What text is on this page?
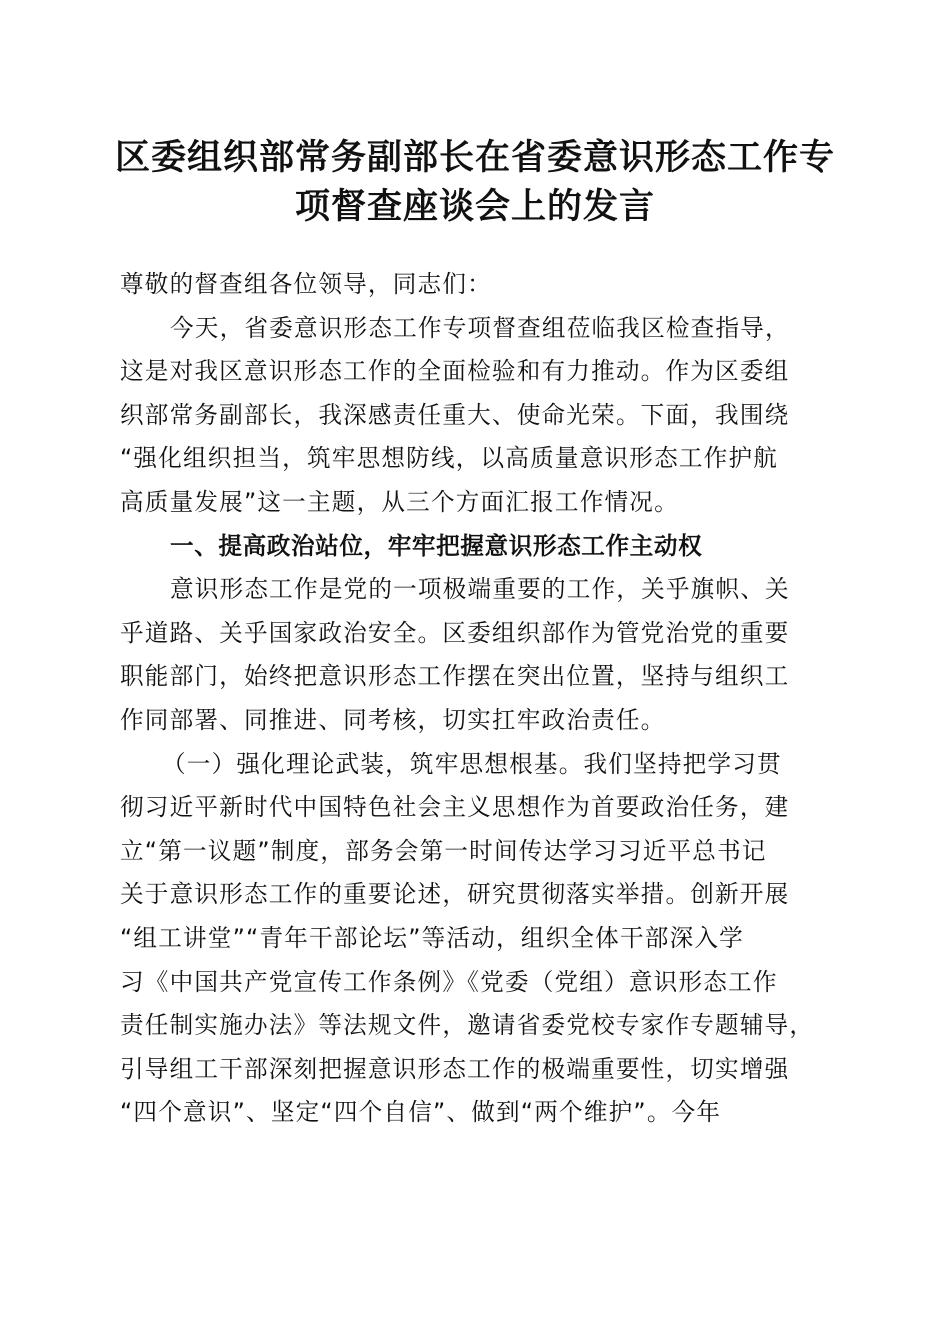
区委组织部常务副部长在省委意识形态工作专
项督查座谈会上的发言

尊敬的督查组各位领导，同志们：

今天，省委意识形态工作专项督查组莅临我区检查指导，
这是对我区意识形态工作的全面检验和有力推动。作为区委组
织部常务副部长，我深感责任重大、使命光荣。下面，我围绕
“强化组织担当，筑牢思想防线，以高质量意识形态工作护航
高质量发展”这一主题，从三个方面汇报工作情况。

一、提高政治站位，牢牢把握意识形态工作主动权

意识形态工作是党的一项极端重要的工作，关乎旗帜、关
乎道路、关乎国家政治安全。区委组织部作为管党治党的重要
职能部门，始终把意识形态工作摆在突出位置，坚持与组织工
作同部署、同推进、同考核，切实扛牢政治责任。

（一）强化理论武装，筑牢思想根基。我们坚持把学习贯
彻习近平新时代中国特色社会主义思想作为首要政治任务，建
立“第一议题”制度，部务会第一时间传达学习习近平总书记
关于意识形态工作的重要论述，研究贯彻落实举措。创新开展
“组工讲堂”“青年干部论坛”等活动，组织全体干部深入学
习《中国共产党宣传工作条例》《党委（党组）意识形态工作
责任制实施办法》等法规文件，邀请省委党校专家作专题辅导，
引导组工干部深刻把握意识形态工作的极端重要性，切实增强
“四个意识”、坚定“四个自信”、做到“两个维护”。今年
